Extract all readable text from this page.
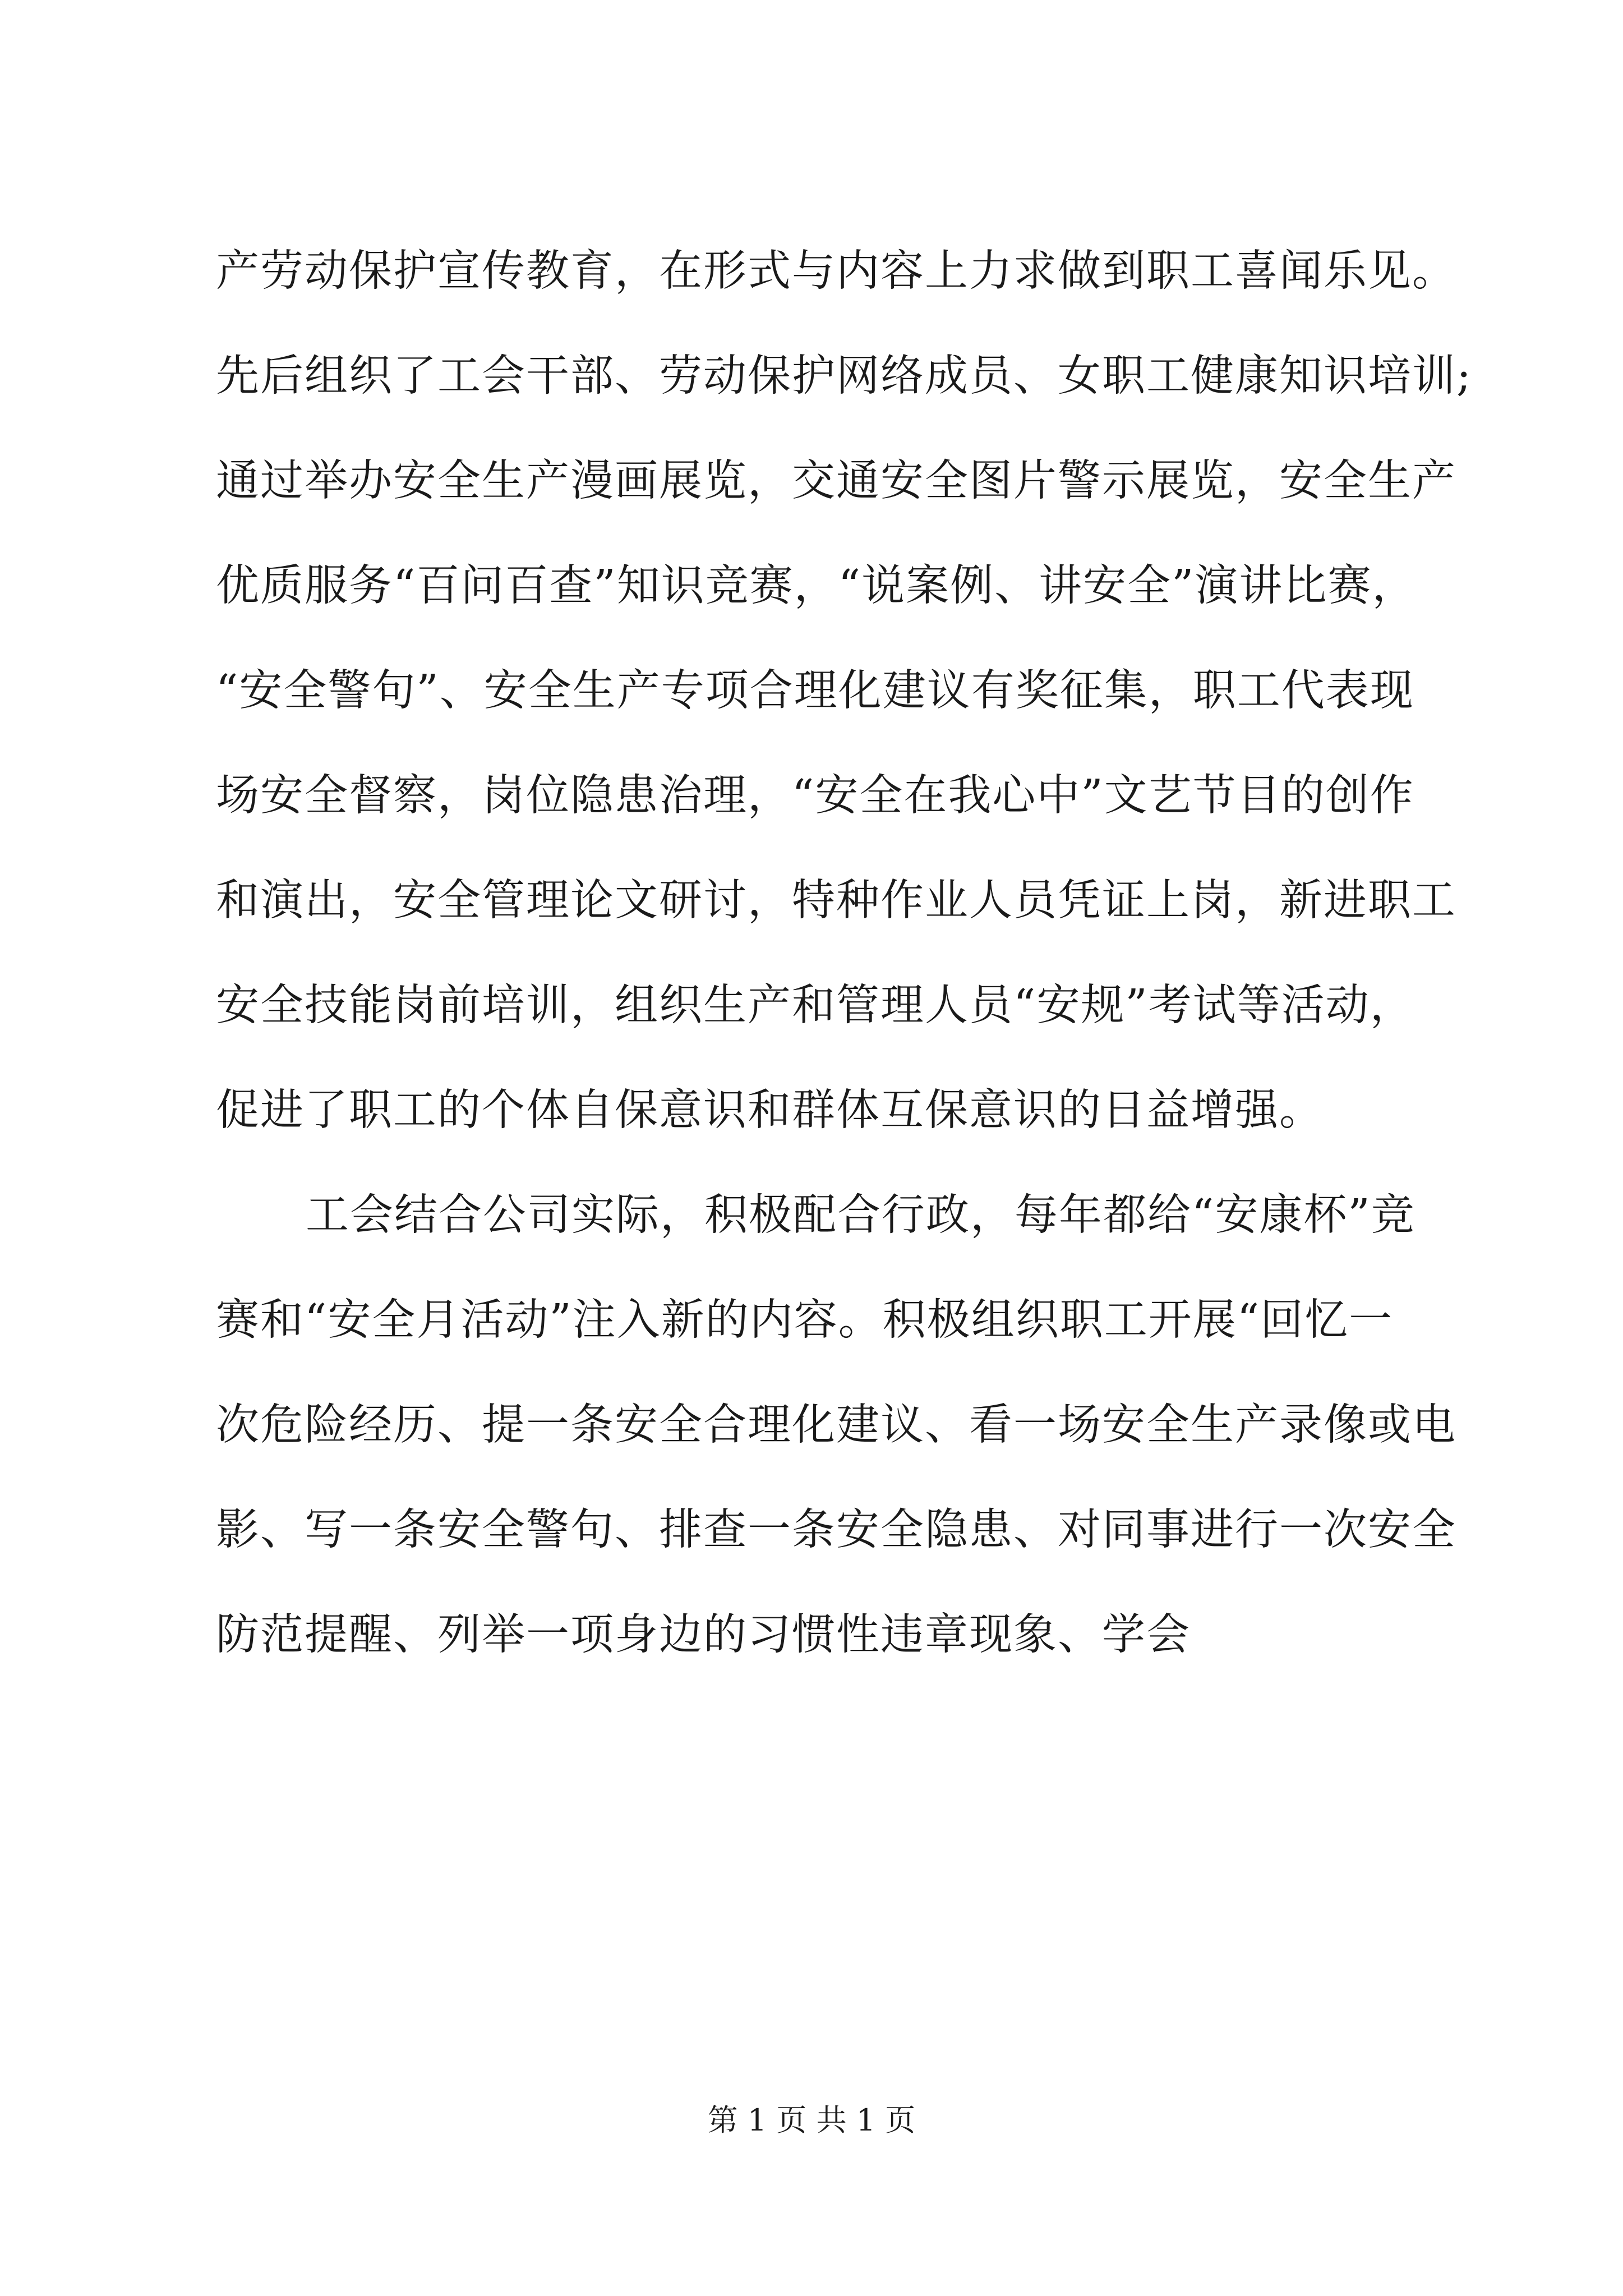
产劳动保护宣传教育，在形式与内容上力求做到职工喜闻乐见。
先后组织了工会干部、劳动保护网络成员、女职工健康知识培训;
通过举办安全生产漫画展览，交通安全图片警示展览，安全生产
优质服务“百问百查”知识竞赛，“说案例、讲安全”演讲比赛，
“安全警句”、安全生产专项合理化建议有奖征集，职工代表现
场安全督察，岗位隐患治理，“安全在我心中”文艺节目的创作
和演出，安全管理论文研讨，特种作业人员凭证上岗，新进职工
安全技能岗前培训，组织生产和管理人员“安规”考试等活动，
促进了职工的个体自保意识和群体互保意识的日益增强。
工会结合公司实际，积极配合行政，每年都给“安康杯”竞
赛和“安全月活动”注入新的内容。积极组织职工开展“回忆一
次危险经历、提一条安全合理化建议、看一场安全生产录像或电
影、写一条安全警句、排查一条安全隐患、对同事进行一次安全
防范提醒、列举一项身边的习惯性违章现象、学会
第 1 页 共 1 页
